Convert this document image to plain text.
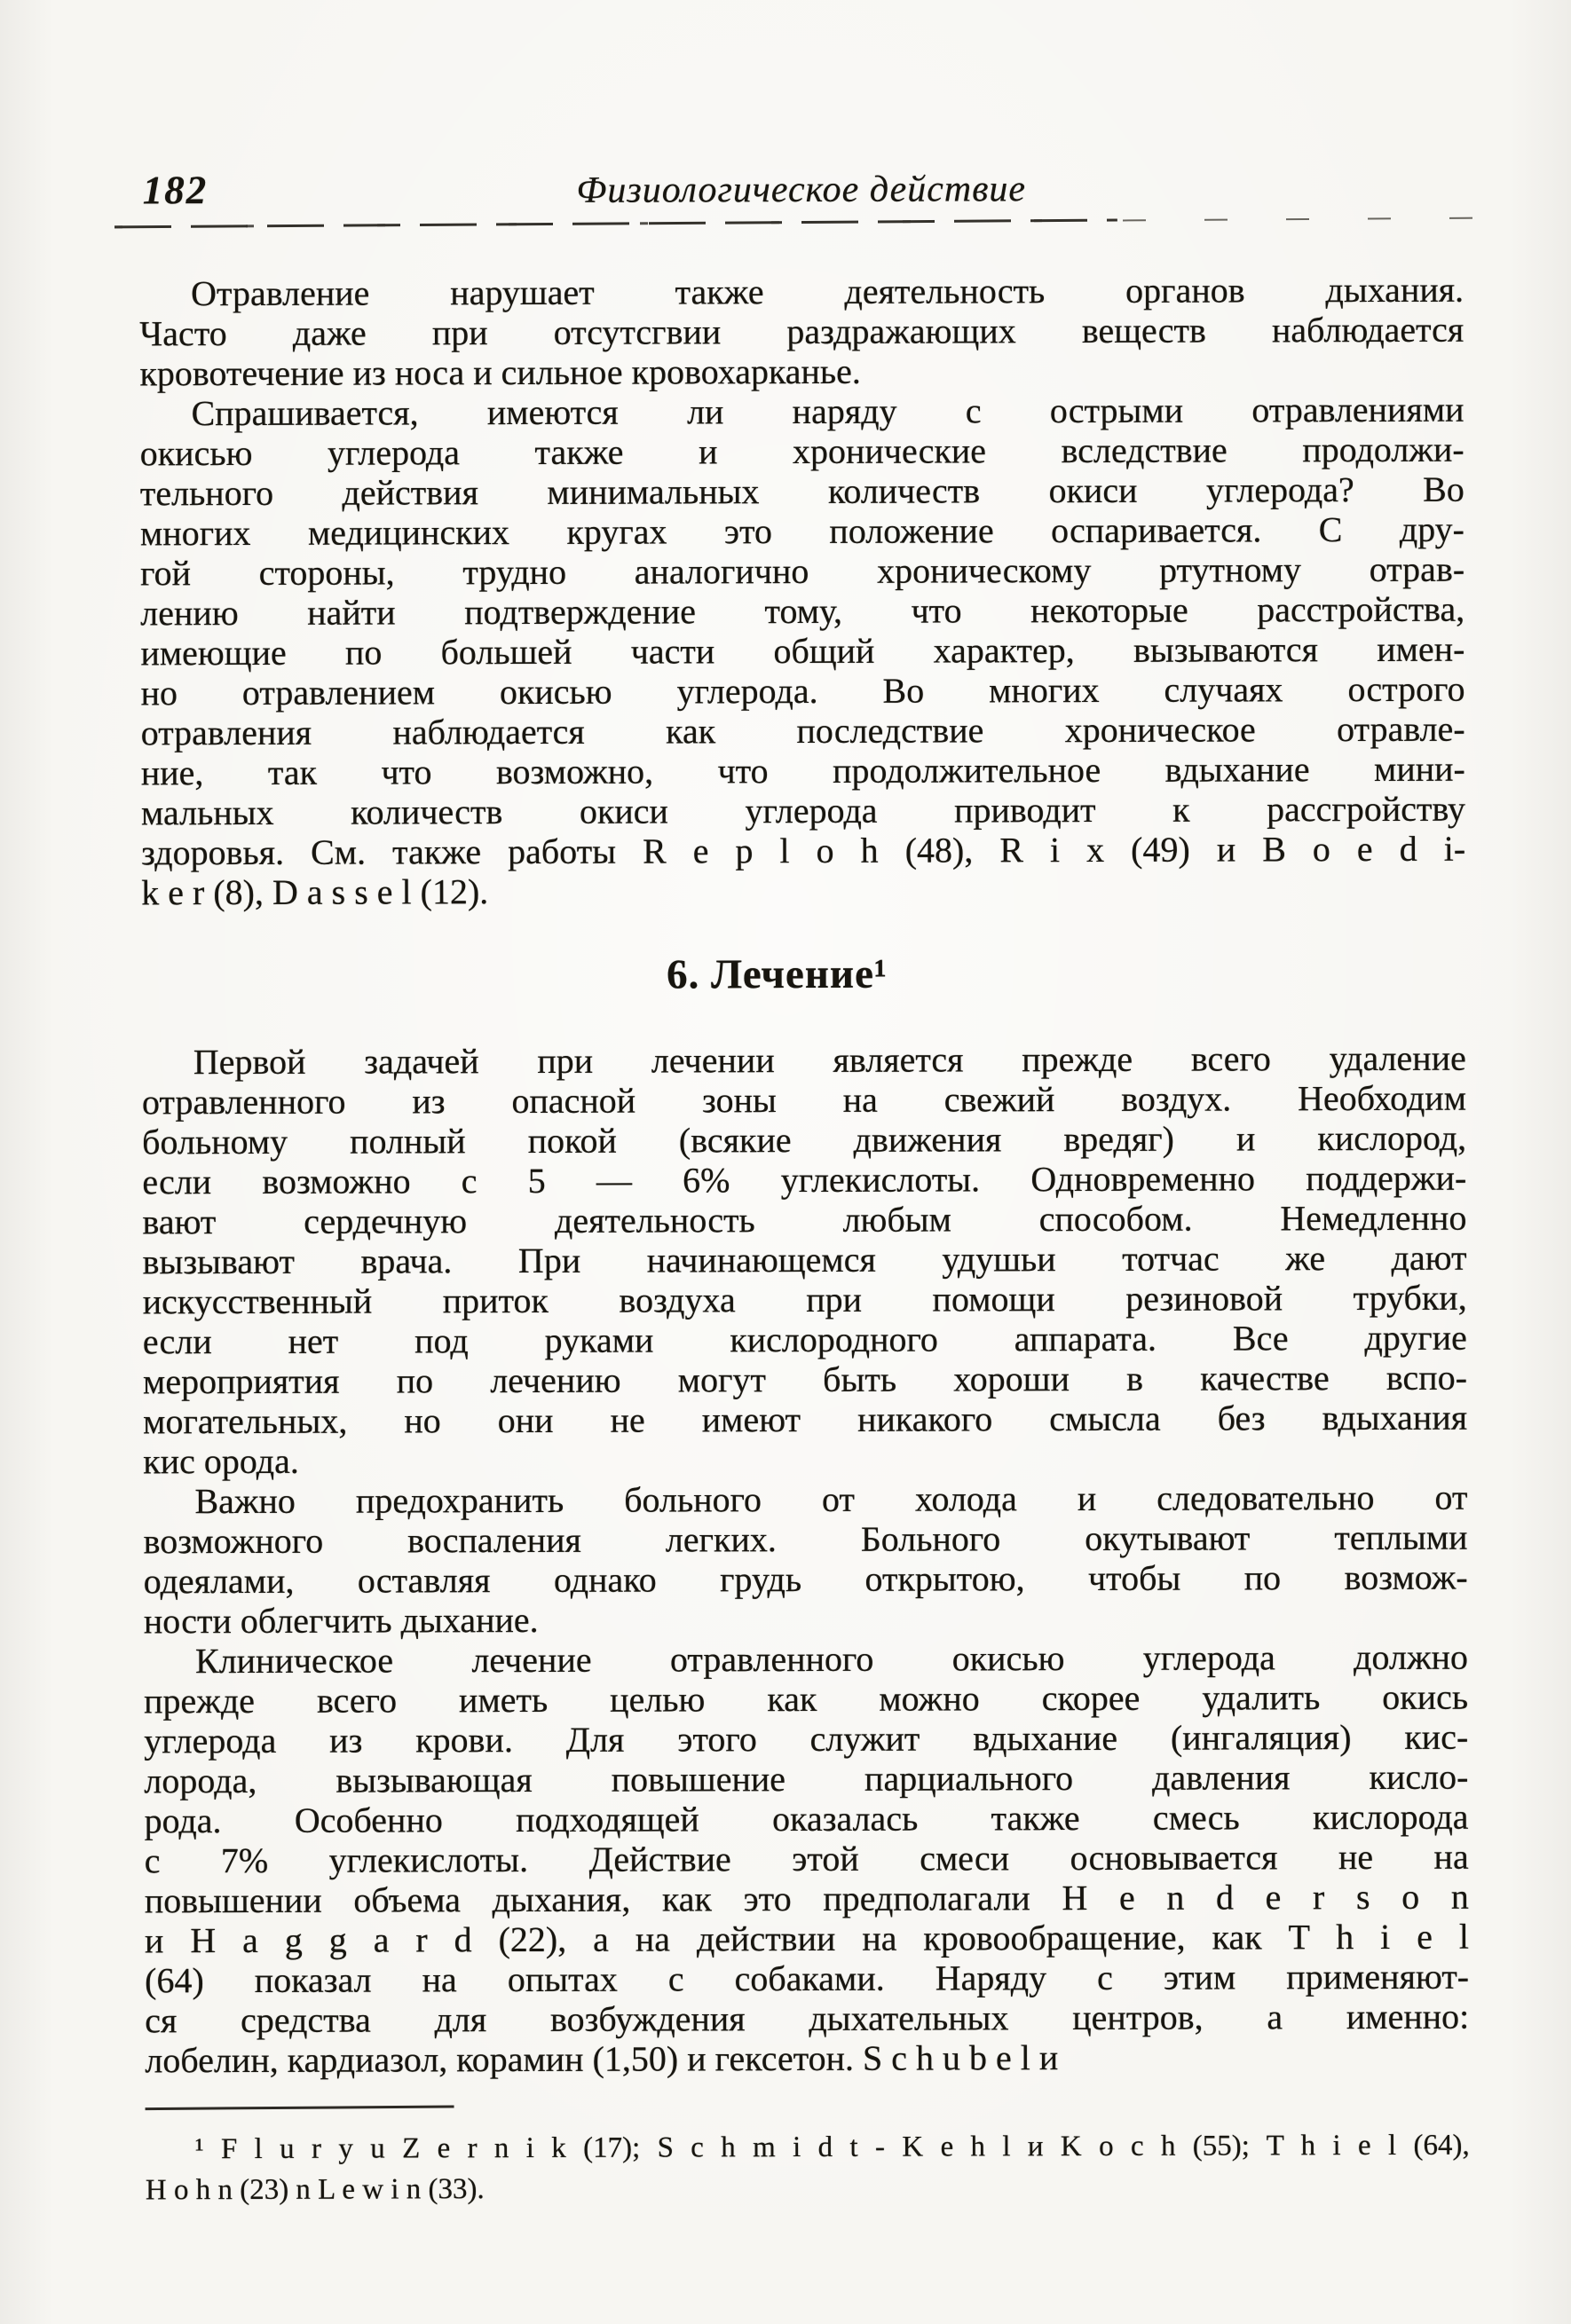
182	Физиологическое действие
Отравление нарушает также деятельность органов дыхания.
Часто даже при отсутсгвии раздражающих веществ наблюдается
кровотечение из носа и сильное кровохарканье.
Спрашивается, имеются ли наряду с острыми отравлениями
окисью углерода также и хронические вследствие продолжи-
тельного действия минимальных количеств окиси углерода? Во
многих медицинских кругах это положение оспаривается. С дру-
гой стороны, трудно аналогично хроническому ртутному отрав-
лению найти подтверждение тому, что некоторые расстройства,
имеющие по большей части общий характер, вызываются имен-
но отравлением окисью углерода. Во многих случаях острого
отравления наблюдается как последствие хроническое отравле-
ние, так что возможно, что продолжительное вдыхание мини-
мальных количеств окиси углерода приводит к рассгройству
здоровья. См. также работы R e p l o h (48), R i x (49) и B o e d i-
k e r (8), D a s s e l (12).
6. Лечение¹
Первой задачей при лечении является прежде всего удаление
отравленного из опасной зоны на свежий воздух. Необходим
больному полный покой (всякие движения вредяг) и кислород,
если возможно с 5 — 6% углекислоты. Одновременно поддержи-
вают сердечную деятельность любым способом. Немедленно
вызывают врача. При начинающемся удушьи тотчас же дают
искусственный приток воздуха при помощи резиновой трубки,
если нет под руками кислородного аппарата. Все другие
мероприятия по лечению могут быть хороши в качестве вспо-
могательных, но они не имеют никакого смысла без вдыхания
кис орода.
Важно предохранить больного от холода и следовательно от
возможного воспаления легких. Больного окутывают теплыми
одеялами, оставляя однако грудь открытою, чтобы по возмож-
ности облегчить дыхание.
Клиническое лечение отравленного окисью углерода должно
прежде всего иметь целью как можно скорее удалить окись
углерода из крови. Для этого служит вдыхание (ингаляция) кис-
лорода, вызывающая повышение парциального давления кисло-
рода. Особенно подходящей оказалась также смесь кислорода
с 7% углекислоты. Действие этой смеси основывается не на
повышении объема дыхания, как это предполагали H e n d e r s o n
и H a g g a r d (22), а на действии на кровообращение, как T h i e l
(64) показал на опытах с собаками. Наряду с этим применяют-
ся средства для возбуждения дыхательных центров, а именно:
лобелин, кардиазол, корамин (1,50) и гексетон. S c h u b e l и
¹ F l u r y u Z e r n i k (17); S c h m i d t - K e h l и K o c h (55); T h i e l (64),
H o h n (23) n L e w i n (33).
